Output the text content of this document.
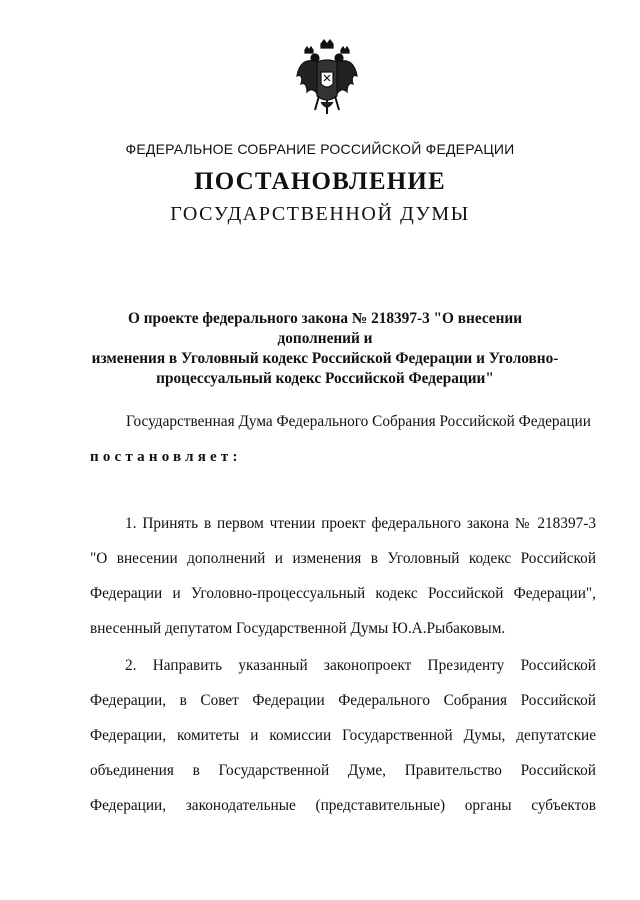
ФЕДЕРАЛЬНОЕ СОБРАНИЕ РОССИЙСКОЙ ФЕДЕРАЦИИ
ПОСТАНОВЛЕНИЕ
ГОСУДАРСТВЕННОЙ ДУМЫ
О проекте федерального закона № 218397-3 "О внесении дополнений и
изменения в Уголовный кодекс Российской Федерации и Уголовно-
процессуальный кодекс Российской Федерации"
Государственная Дума Федерального Собрания Российской Федерации
постановляет:
1. Принять в первом чтении проект федерального закона № 218397-3
"О внесении дополнений и изменения в Уголовный кодекс Российской
Федерации и Уголовно-процессуальный кодекс Российской Федерации",
внесенный депутатом Государственной Думы Ю.А.Рыбаковым.
2. Направить указанный законопроект Президенту Российской
Федерации, в Совет Федерации Федерального Собрания Российской
Федерации, комитеты и комиссии Государственной Думы, депутатские
объединения в Государственной Думе, Правительство Российской
Федерации, законодательные (представительные) органы субъектов
